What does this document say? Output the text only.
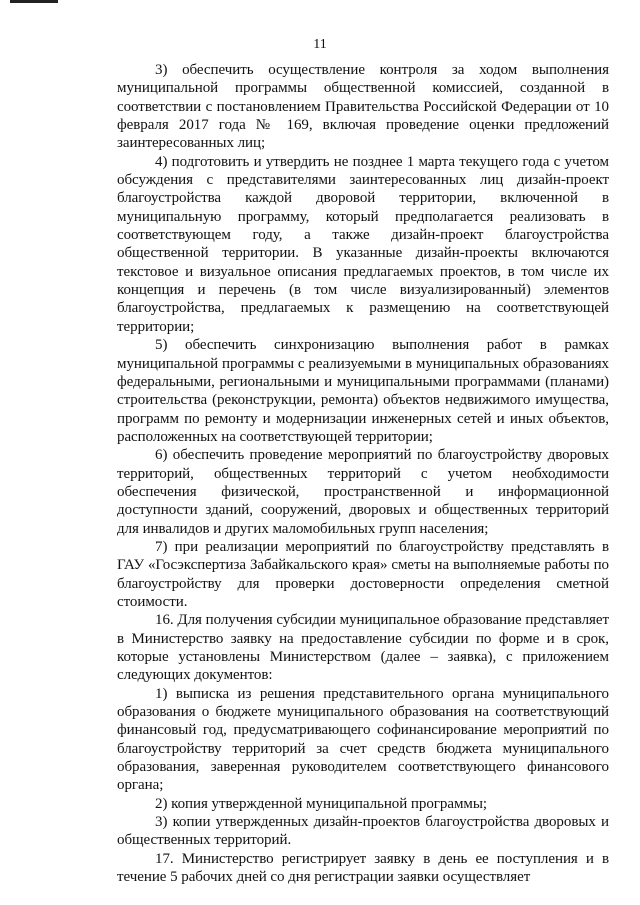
11

3) обеспечить осуществление контроля за ходом выполнения муниципальной программы общественной комиссией, созданной в соответствии с постановлением Правительства Российской Федерации от 10 февраля 2017 года № 169, включая проведение оценки предложений заинтересованных лиц;

4) подготовить и утвердить не позднее 1 марта текущего года с учетом обсуждения с представителями заинтересованных лиц дизайн-проект благоустройства каждой дворовой территории, включенной в муниципальную программу, который предполагается реализовать в соответствующем году, а также дизайн-проект благоустройства общественной территории. В указанные дизайн-проекты включаются текстовое и визуальное описания предлагаемых проектов, в том числе их концепция и перечень (в том числе визуализированный) элементов благоустройства, предлагаемых к размещению на соответствующей территории;

5) обеспечить синхронизацию выполнения работ в рамках муниципальной программы с реализуемыми в муниципальных образованиях федеральными, региональными и муниципальными программами (планами) строительства (реконструкции, ремонта) объектов недвижимого имущества, программ по ремонту и модернизации инженерных сетей и иных объектов, расположенных на соответствующей территории;

6) обеспечить проведение мероприятий по благоустройству дворовых территорий, общественных территорий с учетом необходимости обеспечения физической, пространственной и информационной доступности зданий, сооружений, дворовых и общественных территорий для инвалидов и других маломобильных групп населения;

7) при реализации мероприятий по благоустройству представлять в ГАУ «Госэкспертиза Забайкальского края» сметы на выполняемые работы по благоустройству для проверки достоверности определения сметной стоимости.

16. Для получения субсидии муниципальное образование представляет в Министерство заявку на предоставление субсидии по форме и в срок, которые установлены Министерством (далее – заявка), с приложением следующих документов:

1) выписка из решения представительного органа муниципального образования о бюджете муниципального образования на соответствующий финансовый год, предусматривающего софинансирование мероприятий по благоустройству территорий за счет средств бюджета муниципального образования, заверенная руководителем соответствующего финансового органа;

2) копия утвержденной муниципальной программы;

3) копии утвержденных дизайн-проектов благоустройства дворовых и общественных территорий.

17. Министерство регистрирует заявку в день ее поступления и в течение 5 рабочих дней со дня регистрации заявки осуществляет
